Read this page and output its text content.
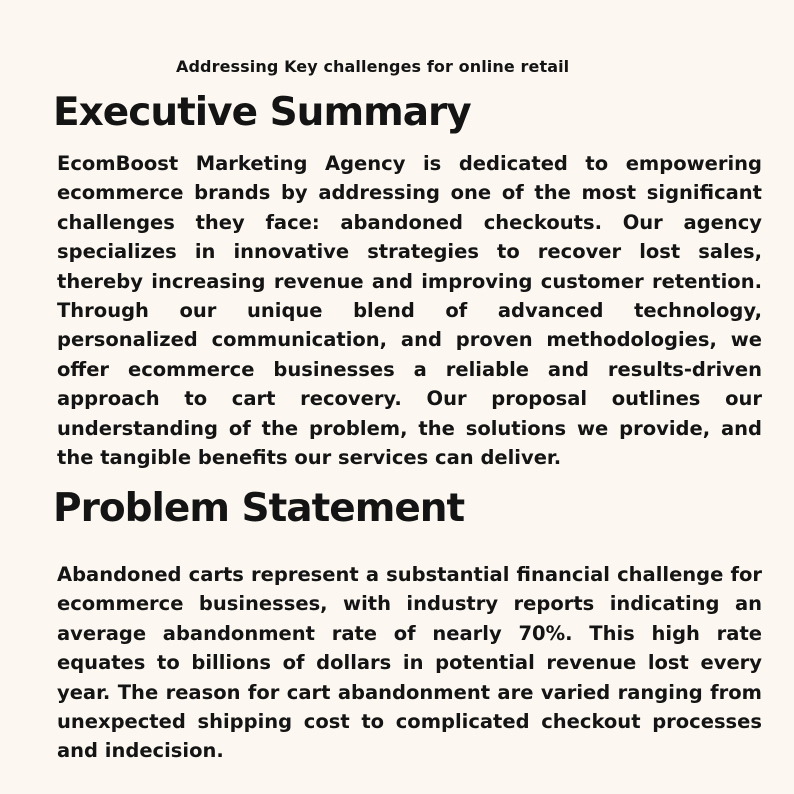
Addressing Key challenges for online retail
Executive Summary

EcomBoost Marketing Agency is dedicated to empowering ecommerce brands by addressing one of the most significant challenges they face: abandoned checkouts. Our agency specializes in innovative strategies to recover lost sales, thereby increasing revenue and improving customer retention. Through our unique blend of advanced technology, personalized communication, and proven methodologies, we offer ecommerce businesses a reliable and results-driven approach to cart recovery. Our proposal outlines our understanding of the problem, the solutions we provide, and the tangible benefits our services can deliver.

Problem Statement

Abandoned carts represent a substantial financial challenge for ecommerce businesses, with industry reports indicating an average abandonment rate of nearly 70%. This high rate equates to billions of dollars in potential revenue lost every year. The reason for cart abandonment are varied ranging from unexpected shipping cost to complicated checkout processes and indecision.
